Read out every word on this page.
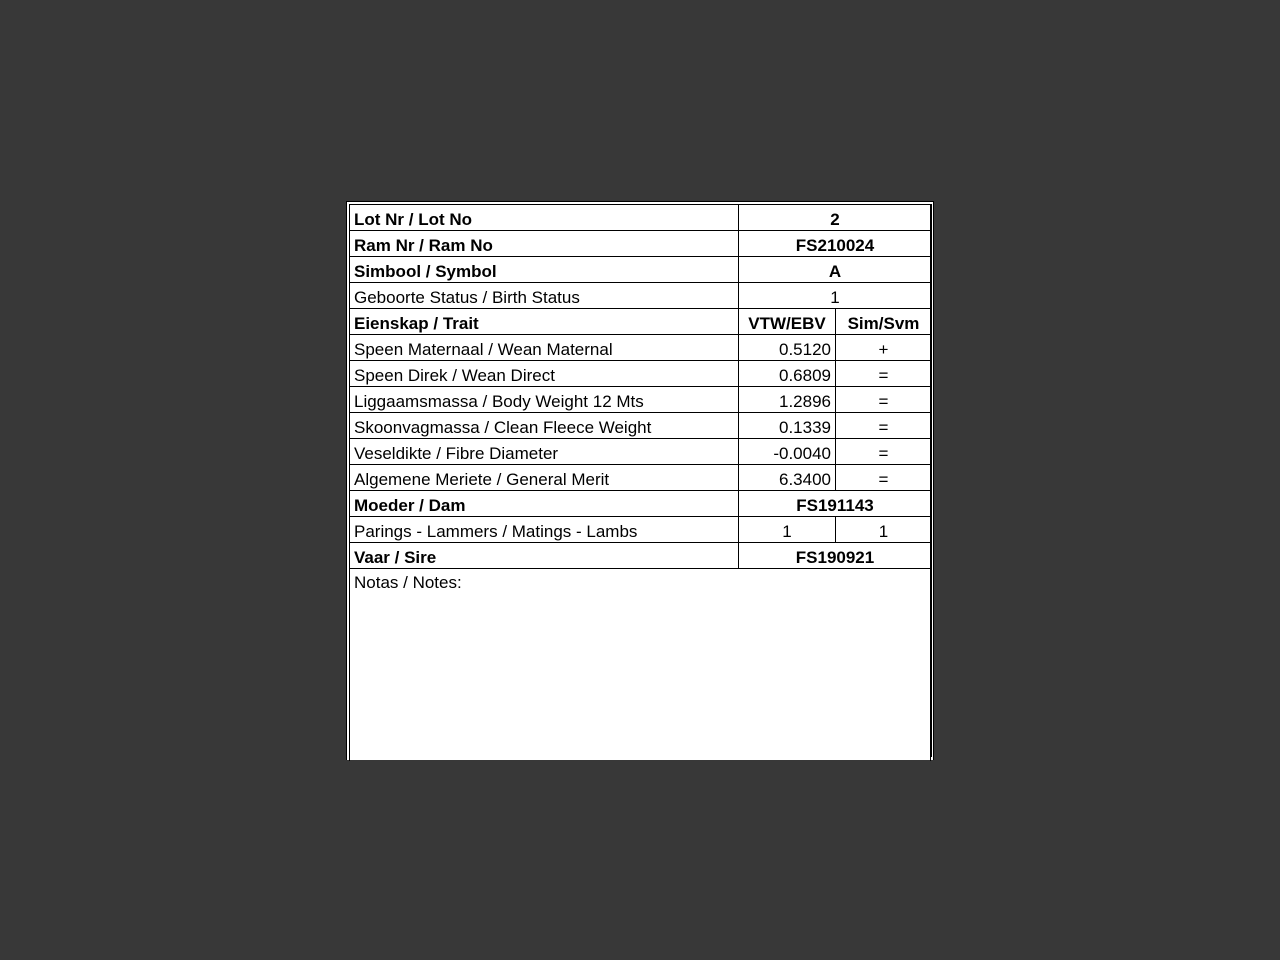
Lot Nr / Lot No	2	
Ram Nr / Ram No	FS210024	
Simbool / Symbol	A	
Geboorte Status / Birth Status	1	
Eienskap / Trait	VTW/EBV	Sim/Svm
Speen Maternaal / Wean Maternal	0.5120	+
Speen Direk / Wean Direct	0.6809	=
Liggaamsmassa / Body Weight 12 Mts	1.2896	=
Skoonvagmassa / Clean Fleece Weight	0.1339	=
Veseldikte / Fibre Diameter	-0.0040	=
Algemene Meriete / General Merit	6.3400	=
Moeder / Dam	FS191143	
Parings - Lammers / Matings - Lambs	1	1
Vaar / Sire	FS190921	
Notas / Notes:		
